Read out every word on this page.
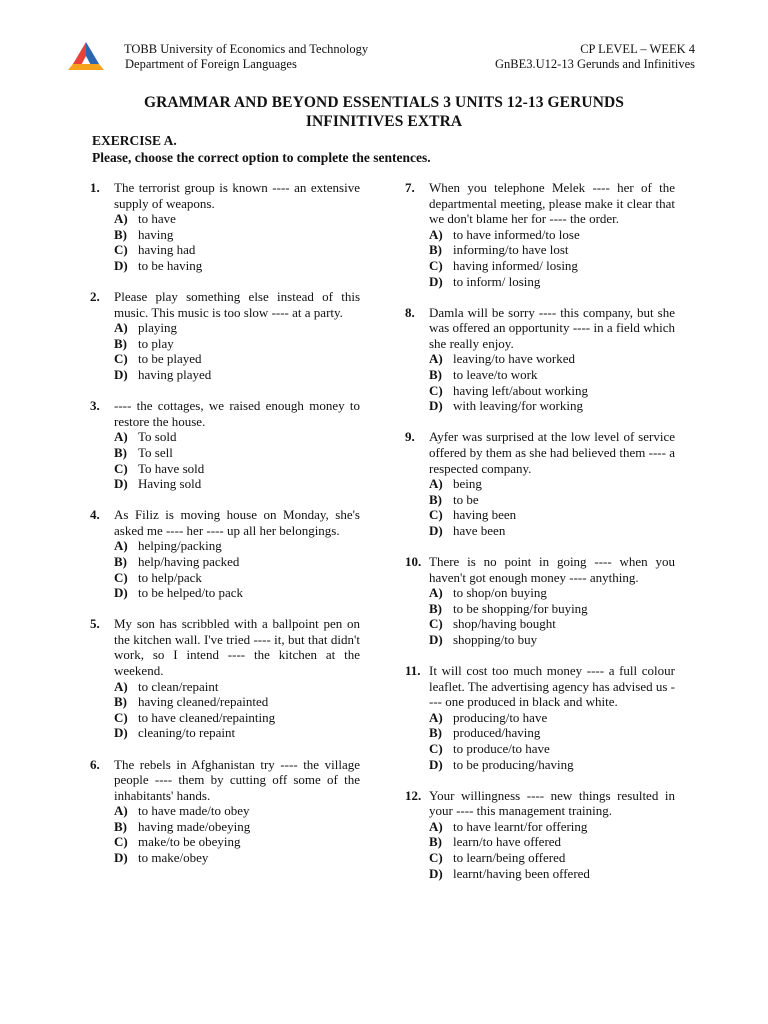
TOBB University of Economics and Technology
Department of Foreign Languages
CP LEVEL – WEEK 4
GnBE3.U12-13 Gerunds and Infinitives
GRAMMAR AND BEYOND ESSENTIALS 3 UNITS 12-13 GERUNDS
INFINITIVES EXTRA
EXERCISE A.
Please, choose the correct option to complete the sentences.
1.	The terrorist group is known ---- an extensive supply of weapons.
A) to have
B) having
C) having had
D) to be having
2.	Please play something else instead of this music. This music is too slow ---- at a party.
A) playing
B) to play
C) to be played
D) having played
3.	---- the cottages, we raised enough money to restore the house.
A) To sold
B) To sell
C) To have sold
D) Having sold
4.	As Filiz is moving house on Monday, she's asked me ---- her ---- up all her belongings.
A) helping/packing
B) help/having packed
C) to help/pack
D) to be helped/to pack
5.	My son has scribbled with a ballpoint pen on the kitchen wall. I've tried ---- it, but that didn't work, so I intend ---- the kitchen at the weekend.
A) to clean/repaint
B) having cleaned/repainted
C) to have cleaned/repainting
D) cleaning/to repaint
6.	The rebels in Afghanistan try ---- the village people ---- them by cutting off some of the inhabitants' hands.
A) to have made/to obey
B) having made/obeying
C) make/to be obeying
D) to make/obey
7.	When you telephone Melek ---- her of the departmental meeting, please make it clear that we don't blame her for ---- the order.
A) to have informed/to lose
B) informing/to have lost
C) having informed/ losing
D) to inform/ losing
8.	Damla will be sorry ---- this company, but she was offered an opportunity ---- in a field which she really enjoy.
A) leaving/to have worked
B) to leave/to work
C) having left/about working
D) with leaving/for working
9.	Ayfer was surprised at the low level of service offered by them as she had believed them ---- a respected company.
A) being
B) to be
C) having been
D) have been
10. There is no point in going ---- when you haven't got enough money ---- anything.
A) to shop/on buying
B) to be shopping/for buying
C) shop/having bought
D) shopping/to buy
11. It will cost too much money ---- a full colour leaflet. The advertising agency has advised us ---- one produced in black and white.
A) producing/to have
B) produced/having
C) to produce/to have
D) to be producing/having
12. Your willingness ---- new things resulted in your ---- this management training.
A) to have learnt/for offering
B) learn/to have offered
C) to learn/being offered
D) learnt/having been offered
